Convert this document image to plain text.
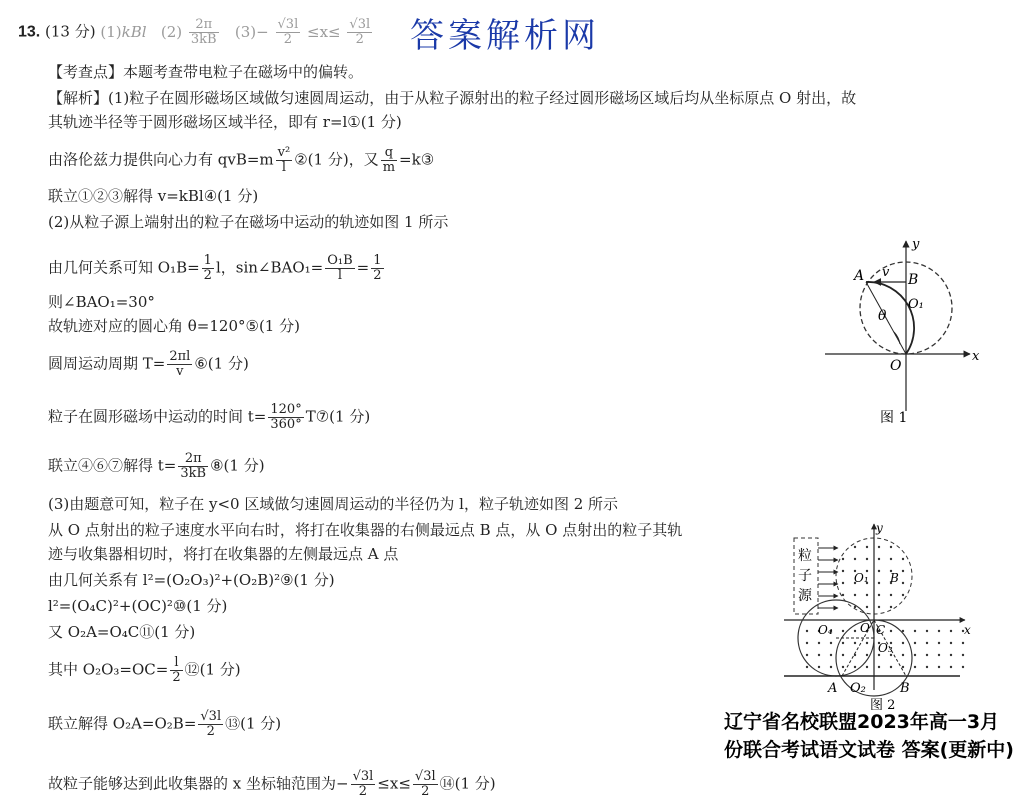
13. (13 分) (1)kBl $(2) \frac{2\pi}{3kB} (3)- \frac{√3l}{2} \le x\le \frac{√3l}{2}$ 答案解析网
【考查点】本题考查带电粒子在磁场中的偏转。
【解析】(1)粒子在圆形磁场区域做匀速圆周运动，由于从粒子源射出的粒子经过圆形磁场区域后均从坐标原点 O 射出，故
其轨迹半径等于圆形磁场区域半径，即有 r=l①(1 分)
由洛伦兹力提供向心力有 $qvB=m \frac{\text{v²}}{l}$ ②(1 分)，又 $\frac{q}{m}$ =k③
联立①②③解得 v=kBl④(1 分)
(2)从粒子源上端射出的粒子在磁场中运动的轨迹如图 1 所示
由几何关系可知 $O_1B= \frac{1}{2}$ l，sin∠BAO₁= $\frac{\text{O₁B}}{l} = \frac{1}{2}$
则∠BAO₁=30°
故轨迹对应的圆心角 θ=120°⑤(1 分)
圆周运动周期 $T= \frac{2\pi l}{v}$ ⑥(1 分)
粒子在圆形磁场中运动的时间 $t= \frac{120^\circ}{360^\circ}$ T⑦(1 分)
联立④⑥⑦解得 $t= \frac{2\pi}{3kB}$ ⑧(1 分)
(3)由题意可知，粒子在 y<0 区域做匀速圆周运动的半径仍为 l，粒子轨迹如图 2 所示
从 O 点射出的粒子速度水平向右时，将打在收集器的右侧最远点 B 点，从 O 点射出的粒子其轨
迹与收集器相切时，将打在收集器的左侧最远点 A 点
由几何关系有 l²=(O₂O₃)²+(O₂B)²⑨(1 分)
l²=(O₄C)²+(OC)²⑩(1 分)
又 O₂A=O₄C⑪(1 分)
其中 $O_2O_3=OC= \frac{l}{2}$ ⑫(1 分)
联立解得 $O_2A=O_2B= \frac{√3l}{2}$ ⑬(1 分)
故粒子能够达到此收集器的 x 坐标轴范围为− $\frac{√3l}{2} \le x\le \frac{√3l}{2}$ ⑭(1 分)
y
x
A	B
v
O₁
O
θ
图 1
粒
子
源
y
x
O₁ B
O₄ O C
O₃
A O₂	B
图 2
辽宁省名校联盟2023年高一3月份联合考试语文试卷 答案(更新中)
